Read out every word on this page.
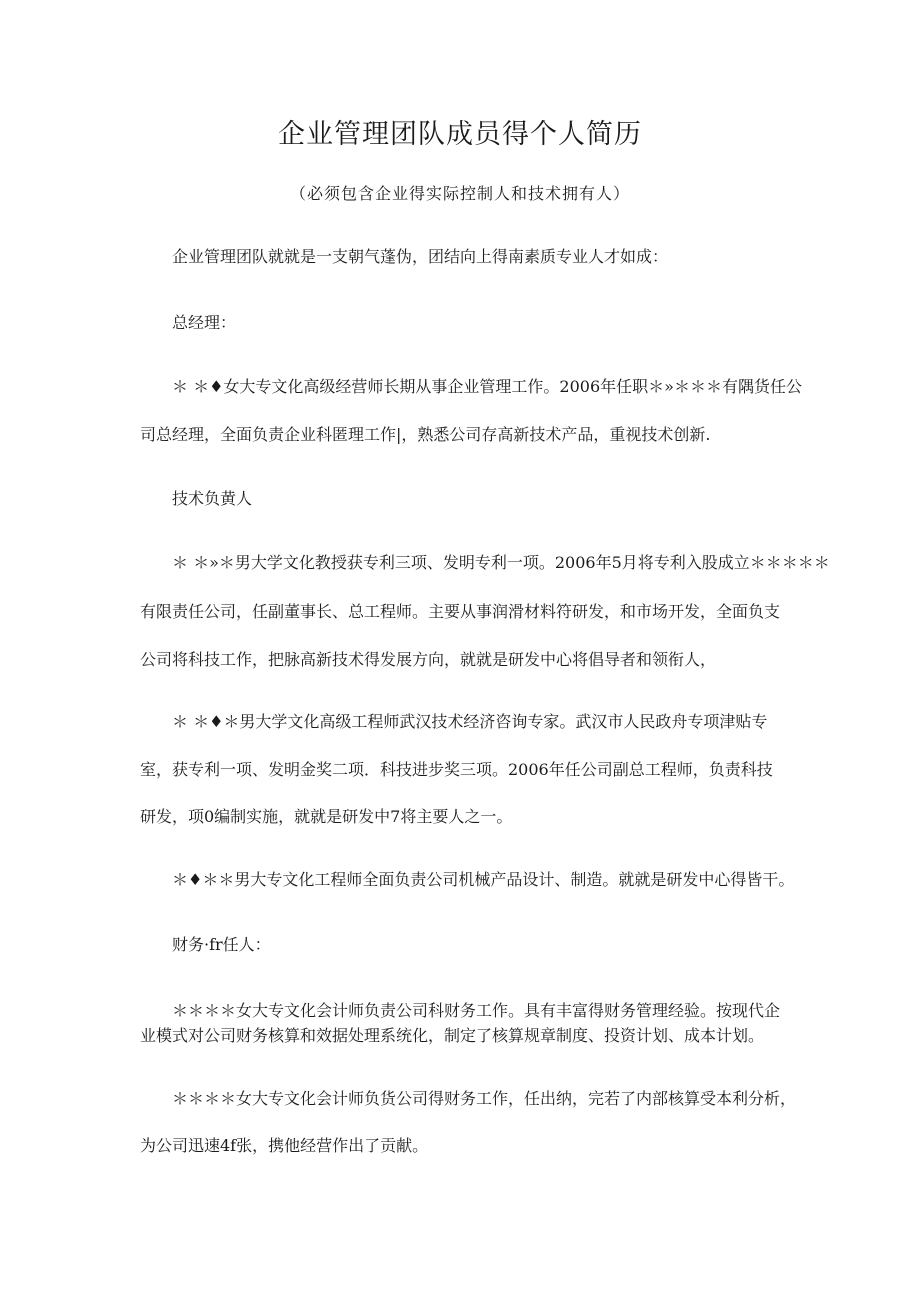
企业管理团队成员得个人简历
（必须包含企业得实际控制人和技术拥有人）
企业管理团队就就是一支朝气蓬伪，团结向上得南素质专业人才如成：
总经理：
＊ ＊♦女大专文化高级经营师长期从事企业管理工作。2006年任职＊»＊＊＊有隅货任公
司总经理，全面负责企业科匿理工作|，熟悉公司存高新技术产品，重视技术创新.
技术负黄人
＊ ＊»＊男大学文化教授获专利三项、发明专利一项。2006年5月将专利入股成立＊＊＊＊＊
有限责任公司，任副董事长、总工程师。主要从事润滑材料符研发，和市场开发，全面负支
公司将科技工作，把脉高新技术得发展方向，就就是研发中心将倡导者和领衔人，
＊ ＊♦＊男大学文化高级工程师武汉技术经济咨询专家。武汉市人民政舟专项津贴专
室，获专利一项、发明金奖二项．科技进步奖三项。2006年任公司副总工程师，负责科技
研发，项0编制实施，就就是研发中7将主要人之一。
＊♦＊＊男大专文化工程师全面负责公司机械产品设计、制造。就就是研发中心得皆干。
财务·fr任人：
＊＊＊＊女大专文化会计师负责公司科财务工作。具有丰富得财务管理经验。按现代企
业模式对公司财务核算和效据处理系统化，制定了核算规章制度、投资计划、成本计划。
＊＊＊＊女大专文化会计师负货公司得财务工作，任出纳，完若了内部核算受本利分析，
为公司迅速4f张，携他经营作出了贡献。
